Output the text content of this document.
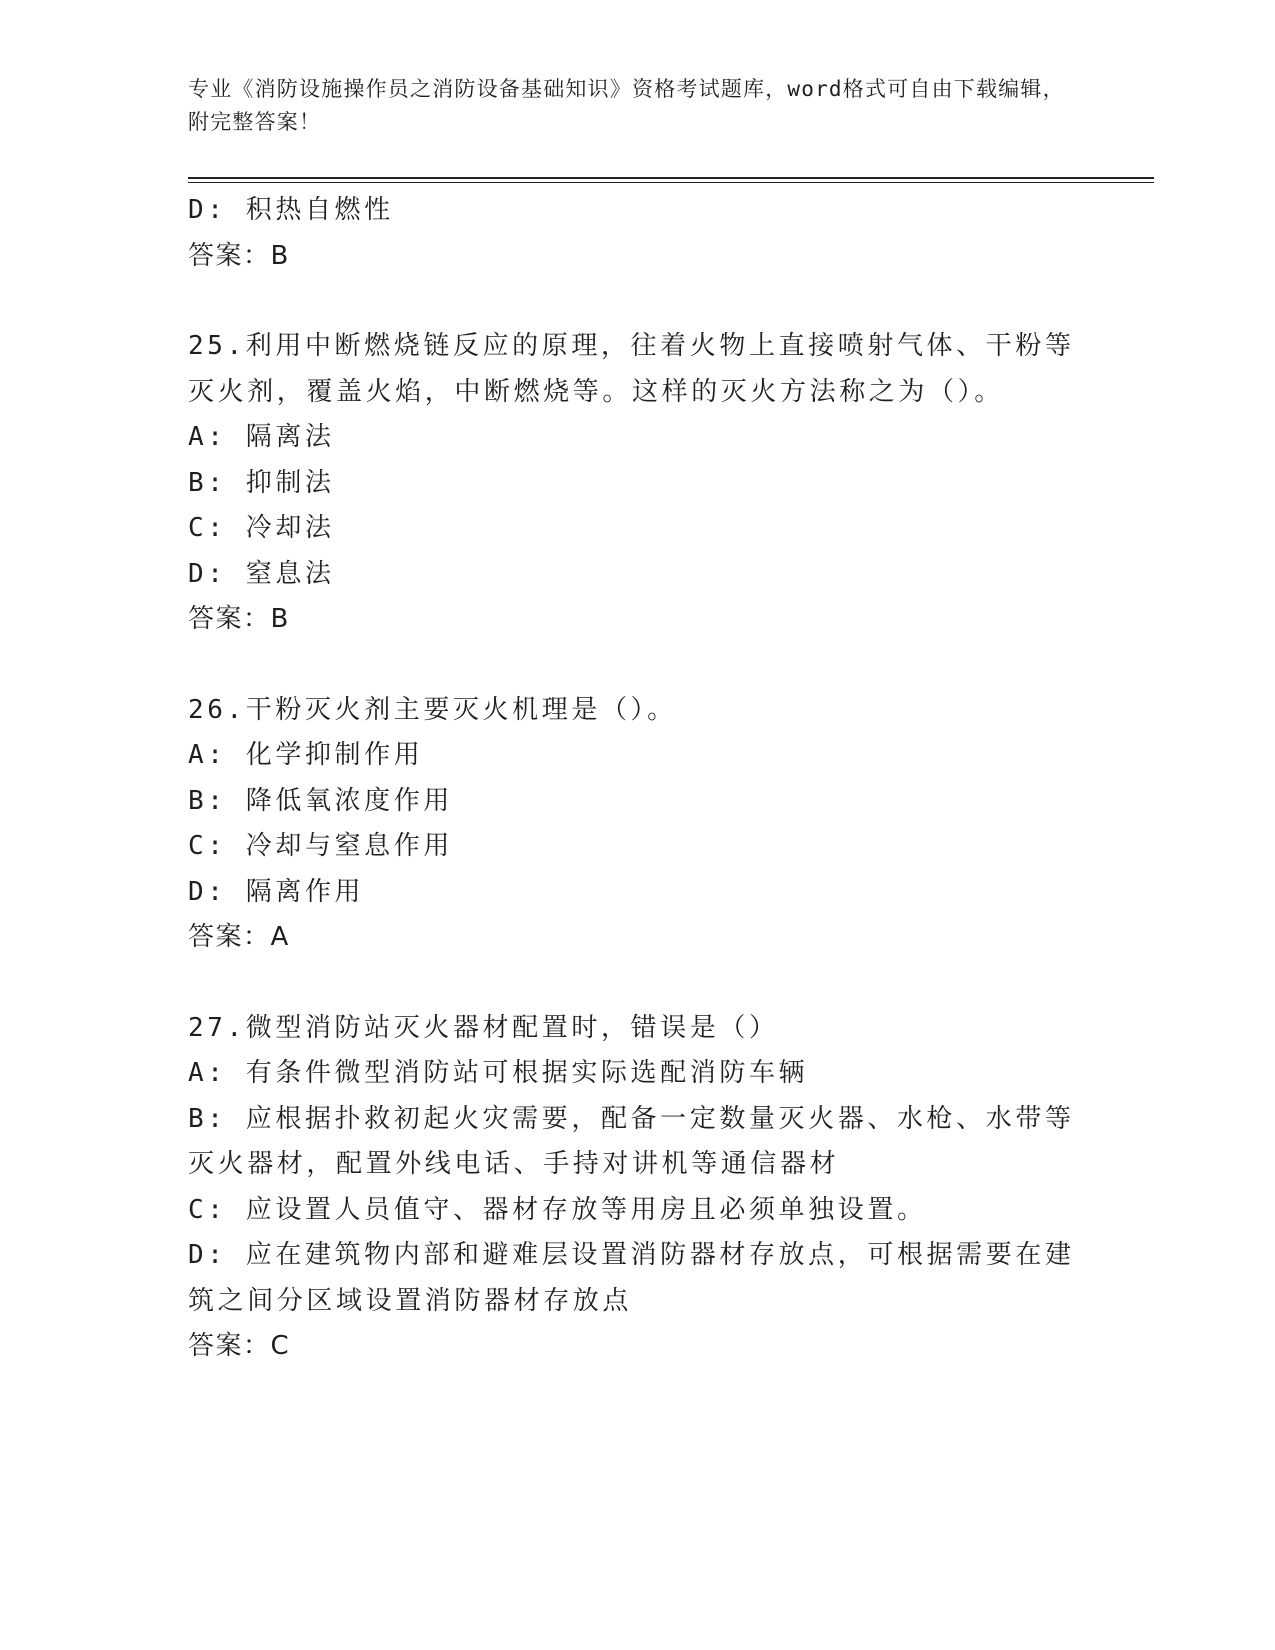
专业《消防设施操作员之消防设备基础知识》资格考试题库，word格式可自由下载编辑，附完整答案！
D: 积热自燃性
答案：B
25.利用中断燃烧链反应的原理，往着火物上直接喷射气体、干粉等灭火剂，覆盖火焰，中断燃烧等。这样的灭火方法称之为（）。
A: 隔离法
B: 抑制法
C: 冷却法
D: 窒息法
答案：B
26.干粉灭火剂主要灭火机理是（）。
A: 化学抑制作用
B: 降低氧浓度作用
C: 冷却与窒息作用
D: 隔离作用
答案：A
27.微型消防站灭火器材配置时，错误是（）
A: 有条件微型消防站可根据实际选配消防车辆
B: 应根据扑救初起火灾需要，配备一定数量灭火器、水枪、水带等灭火器材，配置外线电话、手持对讲机等通信器材
C: 应设置人员值守、器材存放等用房且必须单独设置。
D: 应在建筑物内部和避难层设置消防器材存放点，可根据需要在建筑之间分区域设置消防器材存放点
答案：C
